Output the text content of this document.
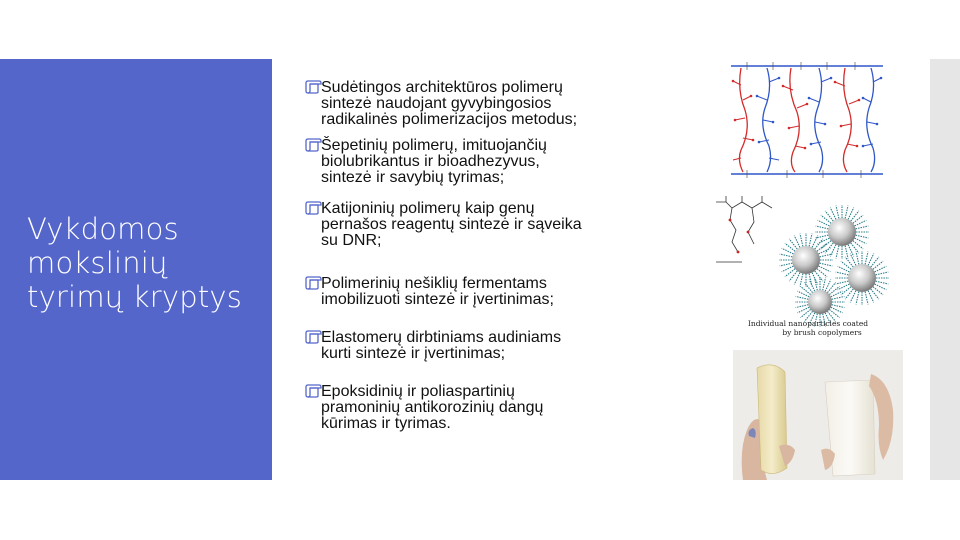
Vykdomos
mokslinių
tyrimų kryptys
Sudėtingos architektūros polimerų
sintezė naudojant gyvybingosios
radikalinės polimerizacijos metodus;
Šepetinių polimerų, imituojančių
biolubrikantus ir bioadhezyvus,
sintezė ir savybių tyrimas;
Katijoninių polimerų kaip genų
pernašos reagentų sintezė ir sąveika
su DNR;
Polimerinių nešiklių fermentams
imobilizuoti sintezė ir įvertinimas;
Elastomerų dirbtiniams audiniams
kurti sintezė ir įvertinimas;
Epoksidinių ir poliaspartinių
pramoninių antikorozinių dangų
kūrimas ir tyrimas.
Individual nanoparticles coated
by brush copolymers
